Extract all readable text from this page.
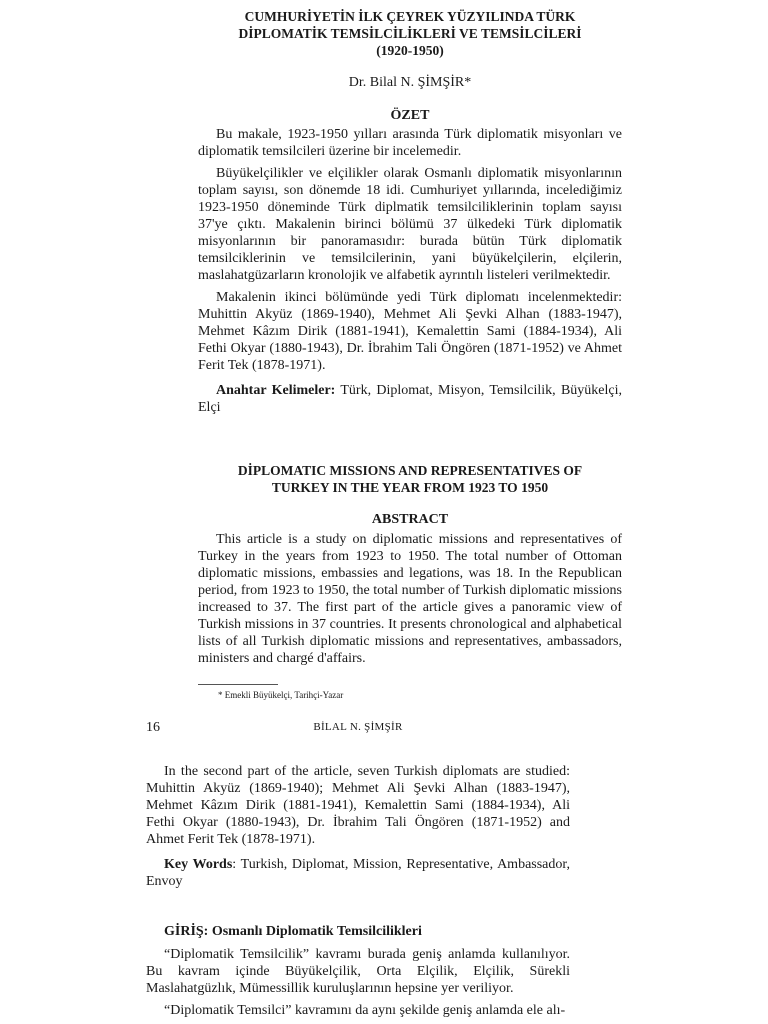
CUMHURİYETİN İLK ÇEYREK YÜZYILINDA TÜRK
DİPLOMATİK TEMSİLCİLİKLERİ VE TEMSİLCİLERİ
(1920-1950)
Dr. Bilal N. ŞİMŞİR*
ÖZET

Bu makale, 1923-1950 yılları arasında Türk diplomatik misyonları ve diplomatik temsilcileri üzerine bir incelemedir.

Büyükelçilikler ve elçilikler olarak Osmanlı diplomatik misyonlarının toplam sayısı, son dönemde 18 idi. Cumhuriyet yıllarında, incelediğimiz 1923-1950 döneminde Türk diplmatik temsilciliklerinin toplam sayısı 37'ye çıktı. Makalenin birinci bölümü 37 ülkedeki Türk diplomatik misyonlarının bir panoramasıdır: burada bütün Türk diplomatik temsilciklerinin ve temsilcilerinin, yani büyükelçilerin, elçilerin, maslahatgüzarların kronolojik ve alfabetik ayrıntılı listeleri verilmektedir.

Makalenin ikinci bölümünde yedi Türk diplomatı incelenmektedir: Muhittin Akyüz (1869-1940), Mehmet Ali Şevki Alhan (1883-1947), Mehmet Kâzım Dirik (1881-1941), Kemalettin Sami (1884-1934), Ali Fethi Okyar (1880-1943), Dr. İbrahim Tali Öngören (1871-1952) ve Ahmet Ferit Tek (1878-1971).

Anahtar Kelimeler: Türk, Diplomat, Misyon, Temsilcilik, Büyükelçi, Elçi

DİPLOMATIC MISSIONS AND REPRESENTATIVES OF
TURKEY IN THE YEAR FROM 1923 TO 1950
ABSTRACT

This article is a study on diplomatic missions and representatives of Turkey in the years from 1923 to 1950. The total number of Ottoman diplomatic missions, embassies and legations, was 18. In the Republican period, from 1923 to 1950, the total number of Turkish diplomatic missions increased to 37. The first part of the article gives a panoramic view of Turkish missions in 37 countries. It presents chronological and alphabetical lists of all Turkish diplomatic missions and representatives, ambassadors, ministers and chargé d'affairs.

* Emekli Büyükelçi, Tarihçi-Yazar
16	BİLAL N. ŞİMŞİR

In the second part of the article, seven Turkish diplomats are studied: Muhittin Akyüz (1869-1940); Mehmet Ali Şevki Alhan (1883-1947), Mehmet Kâzım Dirik (1881-1941), Kemalettin Sami (1884-1934), Ali Fethi Okyar (1880-1943), Dr. İbrahim Tali Öngören (1871-1952) and Ahmet Ferit Tek (1878-1971).

Key Words: Turkish, Diplomat, Mission, Representative, Ambassador, Envoy

GİRİŞ: Osmanlı Diplomatik Temsilcilikleri

“Diplomatik Temsilcilik” kavramı burada geniş anlamda kullanılıyor. Bu kavram içinde Büyükelçilik, Orta Elçilik, Elçilik, Sürekli Maslahatgüzlık, Mümessillik kuruluşlarının hepsine yer veriliyor.

“Diplomatik Temsilci” kavramını da aynı şekilde geniş anlamda ele alı-
